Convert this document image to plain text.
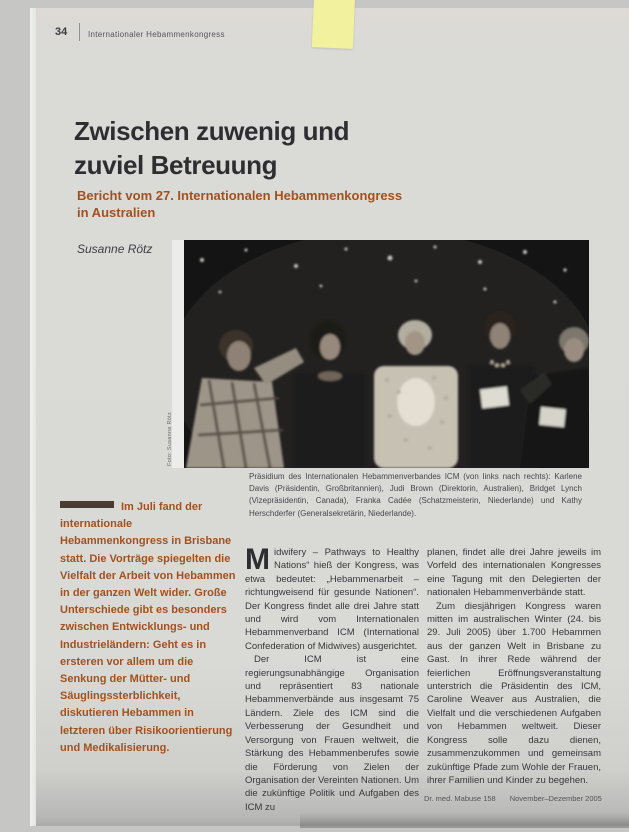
34	Internationaler Hebammenkongress
Zwischen zuwenig und
zuviel Betreuung
Bericht vom 27. Internationalen Hebammenkongress
in Australien
Susanne Rötz
Foto: Susanne Rötz
Präsidium des Internationalen Hebammenverbandes ICM (von links nach rechts): Karlene Davis (Präsidentin, Großbritannien), Judi Brown (Direktorin, Australien), Bridget Lynch (Vizepräsidentin, Canada), Franka Cadée (Schatzmeisterin, Niederlande) und Kathy Herschderfer (Generalsekretärin, Niederlande).
Im Juli fand der internationale Hebammenkongress in Brisbane statt. Die Vorträge spiegelten die Vielfalt der Arbeit von Hebammen in der ganzen Welt wider. Große Unterschiede gibt es besonders zwischen Entwicklungs- und Industrieländern: Geht es in ersteren vor allem um die Senkung der Mütter- und Säuglingssterblichkeit, diskutieren Hebammen in letzteren über Risikoorientierung und Medikalisierung.

Midwifery – Pathways to Healthy Nations“ hieß der Kongress, was etwa bedeutet: „Hebammenarbeit – richtungweisend für gesunde Nationen“. Der Kongress findet alle drei Jahre statt und wird vom Internationalen Hebammenverband ICM (International Confederation of Midwives) ausgerichtet.

Der ICM ist eine regierungsunabhängige Organisation und repräsentiert 83 nationale Hebammenverbände aus insgesamt 75 Ländern. Ziele des ICM sind die Verbesserung der Gesundheit und Versorgung von Frauen weltweit, die Stärkung des Hebammenberufes sowie die Förderung von Zielen der Organisation der Vereinten Nationen. Um die zukünftige Politik und Aufgaben des ICM zu

planen, findet alle drei Jahre jeweils im Vorfeld des internationalen Kongresses eine Tagung mit den Delegierten der nationalen Hebammenverbände statt.

Zum diesjährigen Kongress waren mitten im australischen Winter (24. bis 29. Juli 2005) über 1.700 Hebammen aus der ganzen Welt in Brisbane zu Gast. In ihrer Rede während der feierlichen Eröffnungsveranstaltung unterstrich die Präsidentin des ICM, Caroline Weaver aus Australien, die Vielfalt und die verschiedenen Aufgaben von Hebammen weltweit. Dieser Kongress solle dazu dienen, zusammenzukommen und gemeinsam zukünftige Pfade zum Wohle der Frauen, ihrer Familien und Kinder zu begehen.

Dr. med. Mabuse 158 November–Dezember 2005
